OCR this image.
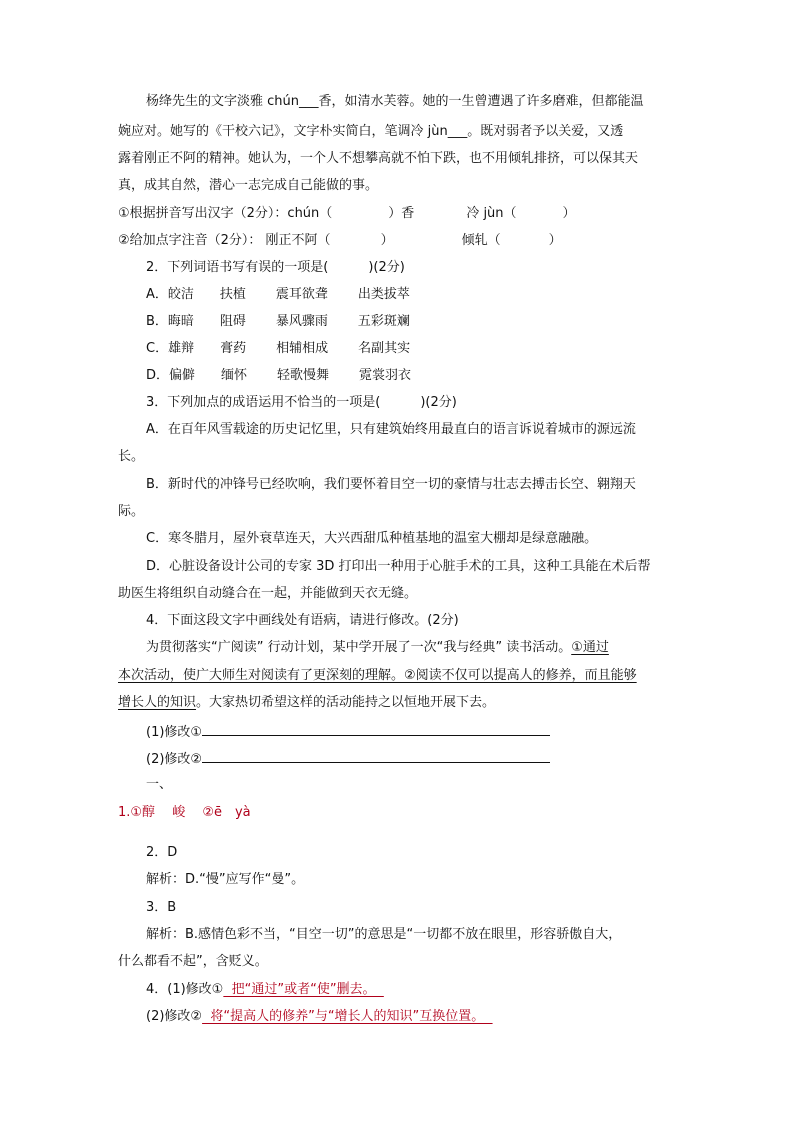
杨绛先生的文字淡雅 chún___香，如清水芙蓉。她的一生曾遭遇了许多磨难，但都能温
婉应对。她写的《干校六记》，文字朴实简白，笔调冷 jùn___。既对弱者予以关爱，又透
露着刚正不阿的精神。她认为，一个人不想攀高就不怕下跌，也不用倾轧排挤，可以保其天
真，成其自然，潜心一志完成自己能做的事。
①根据拼音写出汉字（2分）：chún（	）香	冷 jùn（	）
②给加点字注音（2分）： 刚正不阿（	）	倾轧（	）
2．下列词语书写有误的一项是(	)(2分)
A．皎洁 扶植 震耳欲聋 出类拔萃
B．晦暗 阻碍 暴风骤雨 五彩斑斓
C．雄辩 膏药 相辅相成 名副其实
D．偏僻 缅怀 轻歌慢舞 霓裳羽衣
3．下列加点的成语运用不恰当的一项是(	)(2分)
A．在百年风雪载途的历史记忆里，只有建筑始终用最直白的语言诉说着城市的源远流
长。
B．新时代的冲锋号已经吹响，我们要怀着目空一切的豪情与壮志去搏击长空、翱翔天
际。
C．寒冬腊月，屋外衰草连天，大兴西甜瓜种植基地的温室大棚却是绿意融融。
D．心脏设备设计公司的专家 3D 打印出一种用于心脏手术的工具，这种工具能在术后帮
助医生将组织自动缝合在一起，并能做到天衣无缝。
4．下面这段文字中画线处有语病，请进行修改。(2分)
为贯彻落实“广阅读” 行动计划，某中学开展了一次“我与经典” 读书活动。①通过
本次活动，使广大师生对阅读有了更深刻的理解。②阅读不仅可以提高人的修养，而且能够
增长人的知识。大家热切希望这样的活动能持之以恒地开展下去。
(1)修改①
(2)修改②
一、
1.①醇　 峻　 ②ē　yà
2．D
解析：D.“慢”应写作“曼”。
3．B
解析：B.感情色彩不当，“目空一切”的意思是“一切都不放在眼里，形容骄傲自大，
什么都看不起”，含贬义。
4．(1)修改①  把“通过”或者“使”删去。
(2)修改②  将“提高人的修养”与“增长人的知识”互换位置。
